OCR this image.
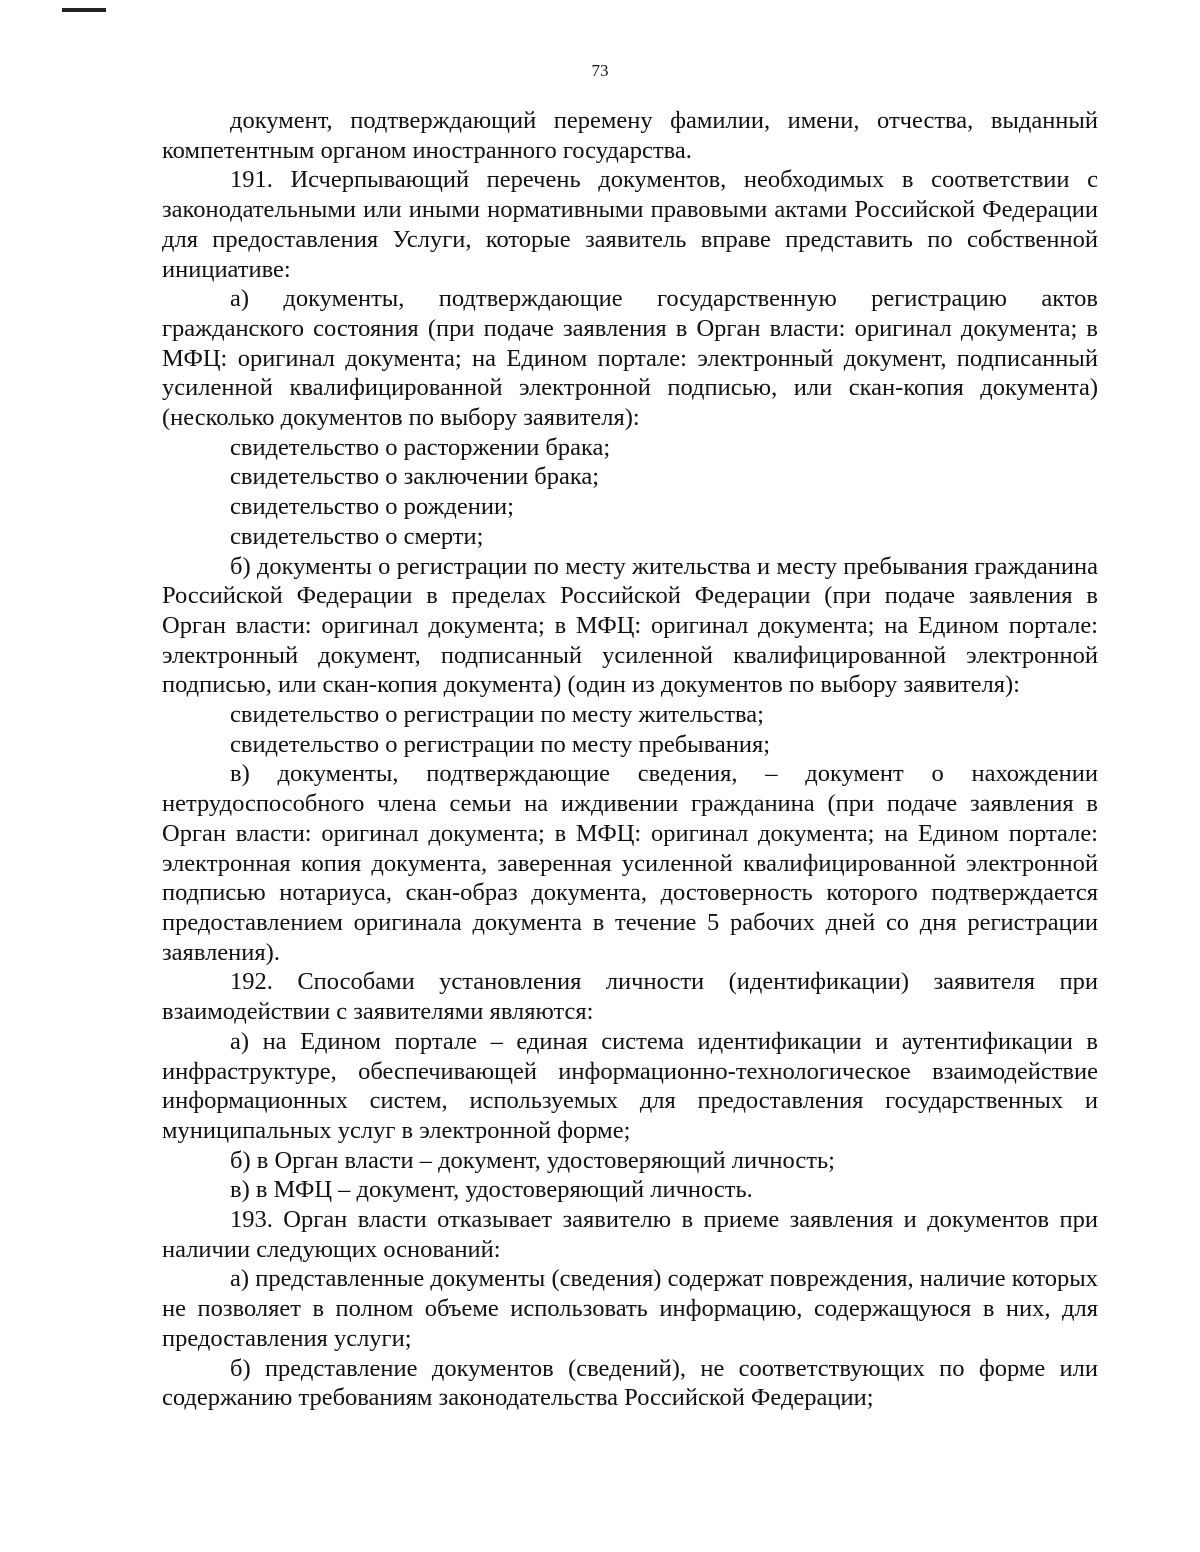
73

документ, подтверждающий перемену фамилии, имени, отчества, выданный компетентным органом иностранного государства.

191. Исчерпывающий перечень документов, необходимых в соответствии с законодательными или иными нормативными правовыми актами Российской Федерации для предоставления Услуги, которые заявитель вправе представить по собственной инициативе:

а) документы, подтверждающие государственную регистрацию актов гражданского состояния (при подаче заявления в Орган власти: оригинал документа; в МФЦ: оригинал документа; на Едином портале: электронный документ, подписанный усиленной квалифицированной электронной подписью, или скан-копия документа) (несколько документов по выбору заявителя):

свидетельство о расторжении брака;

свидетельство о заключении брака;

свидетельство о рождении;

свидетельство о смерти;

б) документы о регистрации по месту жительства и месту пребывания гражданина Российской Федерации в пределах Российской Федерации (при подаче заявления в Орган власти: оригинал документа; в МФЦ: оригинал документа; на Едином портале: электронный документ, подписанный усиленной квалифицированной электронной подписью, или скан-копия документа) (один из документов по выбору заявителя):

свидетельство о регистрации по месту жительства;

свидетельство о регистрации по месту пребывания;

в) документы, подтверждающие сведения, – документ о нахождении нетрудоспособного члена семьи на иждивении гражданина (при подаче заявления в Орган власти: оригинал документа; в МФЦ: оригинал документа; на Едином портале: электронная копия документа, заверенная усиленной квалифицированной электронной подписью нотариуса, скан-образ документа, достоверность которого подтверждается предоставлением оригинала документа в течение 5 рабочих дней со дня регистрации заявления).

192. Способами установления личности (идентификации) заявителя при взаимодействии с заявителями являются:

а) на Едином портале – единая система идентификации и аутентификации в инфраструктуре, обеспечивающей информационно-технологическое взаимодействие информационных систем, используемых для предоставления государственных и муниципальных услуг в электронной форме;

б) в Орган власти – документ, удостоверяющий личность;

в) в МФЦ – документ, удостоверяющий личность.

193. Орган власти отказывает заявителю в приеме заявления и документов при наличии следующих оснований:

а) представленные документы (сведения) содержат повреждения, наличие которых не позволяет в полном объеме использовать информацию, содержащуюся в них, для предоставления услуги;

б) представление документов (сведений), не соответствующих по форме или содержанию требованиям законодательства Российской Федерации;
